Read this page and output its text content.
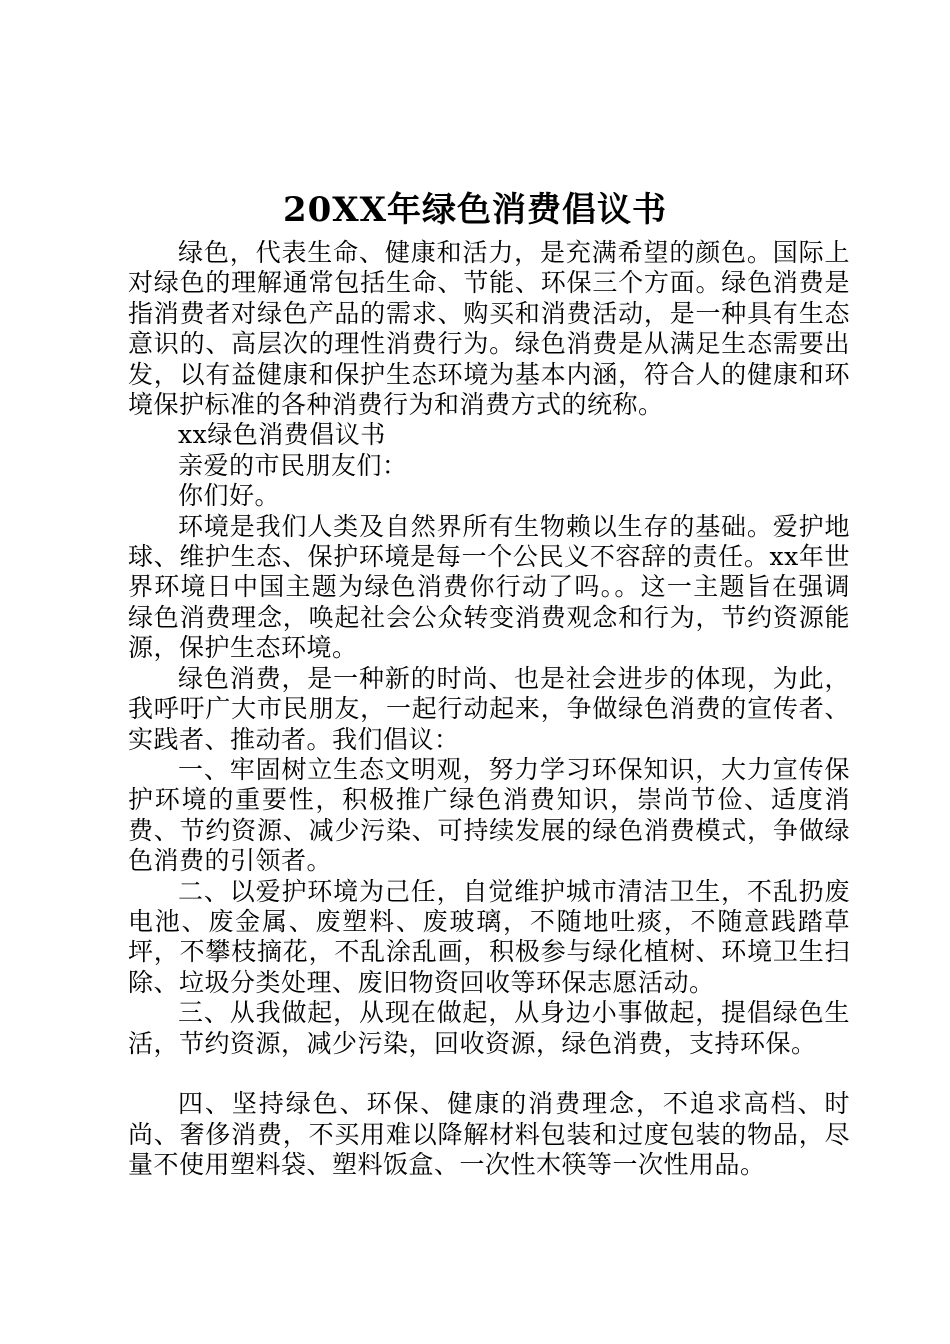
20XX年绿色消费倡议书

绿色，代表生命、健康和活力，是充满希望的颜色。国际上对绿色的理解通常包括生命、节能、环保三个方面。绿色消费是指消费者对绿色产品的需求、购买和消费活动，是一种具有生态意识的、高层次的理性消费行为。绿色消费是从满足生态需要出发，以有益健康和保护生态环境为基本内涵，符合人的健康和环境保护标准的各种消费行为和消费方式的统称。

xx绿色消费倡议书

亲爱的市民朋友们：

你们好。

环境是我们人类及自然界所有生物赖以生存的基础。爱护地球、维护生态、保护环境是每一个公民义不容辞的责任。xx年世界环境日中国主题为绿色消费你行动了吗。。这一主题旨在强调绿色消费理念，唤起社会公众转变消费观念和行为，节约资源能源，保护生态环境。

绿色消费，是一种新的时尚、也是社会进步的体现，为此，我呼吁广大市民朋友，一起行动起来，争做绿色消费的宣传者、实践者、推动者。我们倡议：

一、牢固树立生态文明观，努力学习环保知识，大力宣传保护环境的重要性，积极推广绿色消费知识，崇尚节俭、适度消费、节约资源、减少污染、可持续发展的绿色消费模式，争做绿色消费的引领者。

二、以爱护环境为己任，自觉维护城市清洁卫生，不乱扔废电池、废金属、废塑料、废玻璃，不随地吐痰，不随意践踏草坪，不攀枝摘花，不乱涂乱画，积极参与绿化植树、环境卫生扫除、垃圾分类处理、废旧物资回收等环保志愿活动。

三、从我做起，从现在做起，从身边小事做起，提倡绿色生活，节约资源，减少污染，回收资源，绿色消费，支持环保。

四、坚持绿色、环保、健康的消费理念，不追求高档、时尚、奢侈消费，不买用难以降解材料包装和过度包装的物品，尽量不使用塑料袋、塑料饭盒、一次性木筷等一次性用品。
